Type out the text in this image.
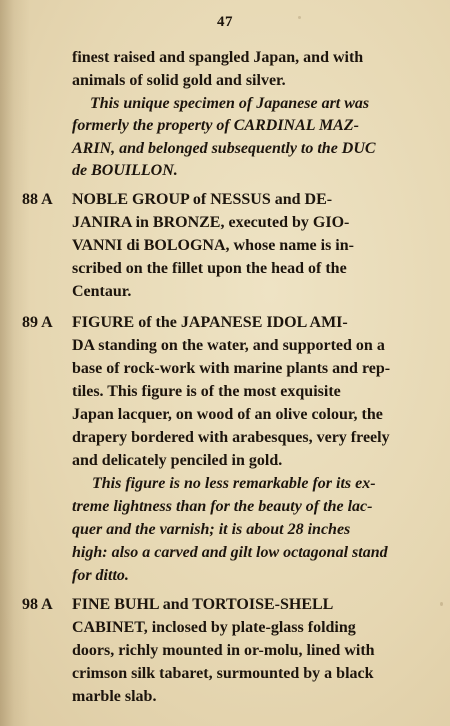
47
finest raised and spangled Japan, and with
animals of solid gold and silver.
This unique specimen of Japanese art was
formerly the property of CARDINAL MAZ-
ARIN, and belonged subsequently to the DUC
de BOUILLON.
88 A NOBLE GROUP of NESSUS and DE-
JANIRA in BRONZE, executed by GIO-
VANNI di BOLOGNA, whose name is in-
scribed on the fillet upon the head of the
Centaur.
89 A FIGURE of the JAPANESE IDOL AMI-
DA standing on the water, and supported on a
base of rock-work with marine plants and rep-
tiles. This figure is of the most exquisite
Japan lacquer, on wood of an olive colour, the
drapery bordered with arabesques, very freely
and delicately penciled in gold.
This figure is no less remarkable for its ex-
treme lightness than for the beauty of the lac-
quer and the varnish; it is about 28 inches
high: also a carved and gilt low octagonal stand
for ditto.
98 A FINE BUHL and TORTOISE-SHELL
CABINET, inclosed by plate-glass folding
doors, richly mounted in or-molu, lined with
crimson silk tabaret, surmounted by a black
marble slab.
